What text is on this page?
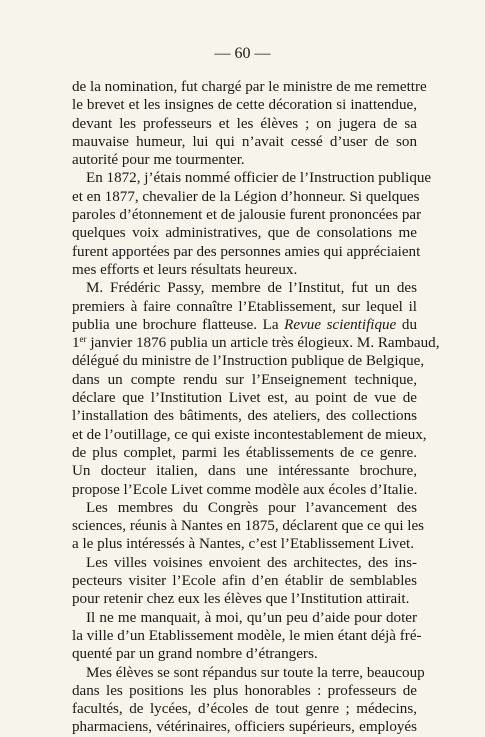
— 60 —

de la nomination, fut chargé par le ministre de me remettre
le brevet et les insignes de cette décoration si inattendue,
devant les professeurs et les élèves ; on jugera de sa
mauvaise humeur, lui qui n’avait cessé d’user de son
autorité pour me tourmenter.

En 1872, j’étais nommé officier de l’Instruction publique
et en 1877, chevalier de la Légion d’honneur. Si quelques
paroles d’étonnement et de jalousie furent prononcées par
quelques voix administratives, que de consolations me
furent apportées par des personnes amies qui appréciaient
mes efforts et leurs résultats heureux.

M. Frédéric Passy, membre de l’Institut, fut un des
premiers à faire connaître l’Etablissement, sur lequel il
publia une brochure flatteuse. La Revue scientifique du
1er janvier 1876 publia un article très élogieux. M. Rambaud,
délégué du ministre de l’Instruction publique de Belgique,
dans un compte rendu sur l’Enseignement technique,
déclare que l’Institution Livet est, au point de vue de
l’installation des bâtiments, des ateliers, des collections
et de l’outillage, ce qui existe incontestablement de mieux,
de plus complet, parmi les établissements de ce genre.
Un docteur italien, dans une intéressante brochure,
propose l’Ecole Livet comme modèle aux écoles d’Italie.

Les membres du Congrès pour l’avancement des
sciences, réunis à Nantes en 1875, déclarent que ce qui les
a le plus intéressés à Nantes, c’est l’Etablissement Livet.

Les villes voisines envoient des architectes, des ins-
pecteurs visiter l’Ecole afin d’en établir de semblables
pour retenir chez eux les élèves que l’Institution attirait.

Il ne me manquait, à moi, qu’un peu d’aide pour doter
la ville d’un Etablissement modèle, le mien étant déjà fré-
quenté par un grand nombre d’étrangers.

Mes élèves se sont répandus sur toute la terre, beaucoup
dans les positions les plus honorables : professeurs de
facultés, de lycées, d’écoles de tout genre ; médecins,
pharmaciens, vétérinaires, officiers supérieurs, employés
